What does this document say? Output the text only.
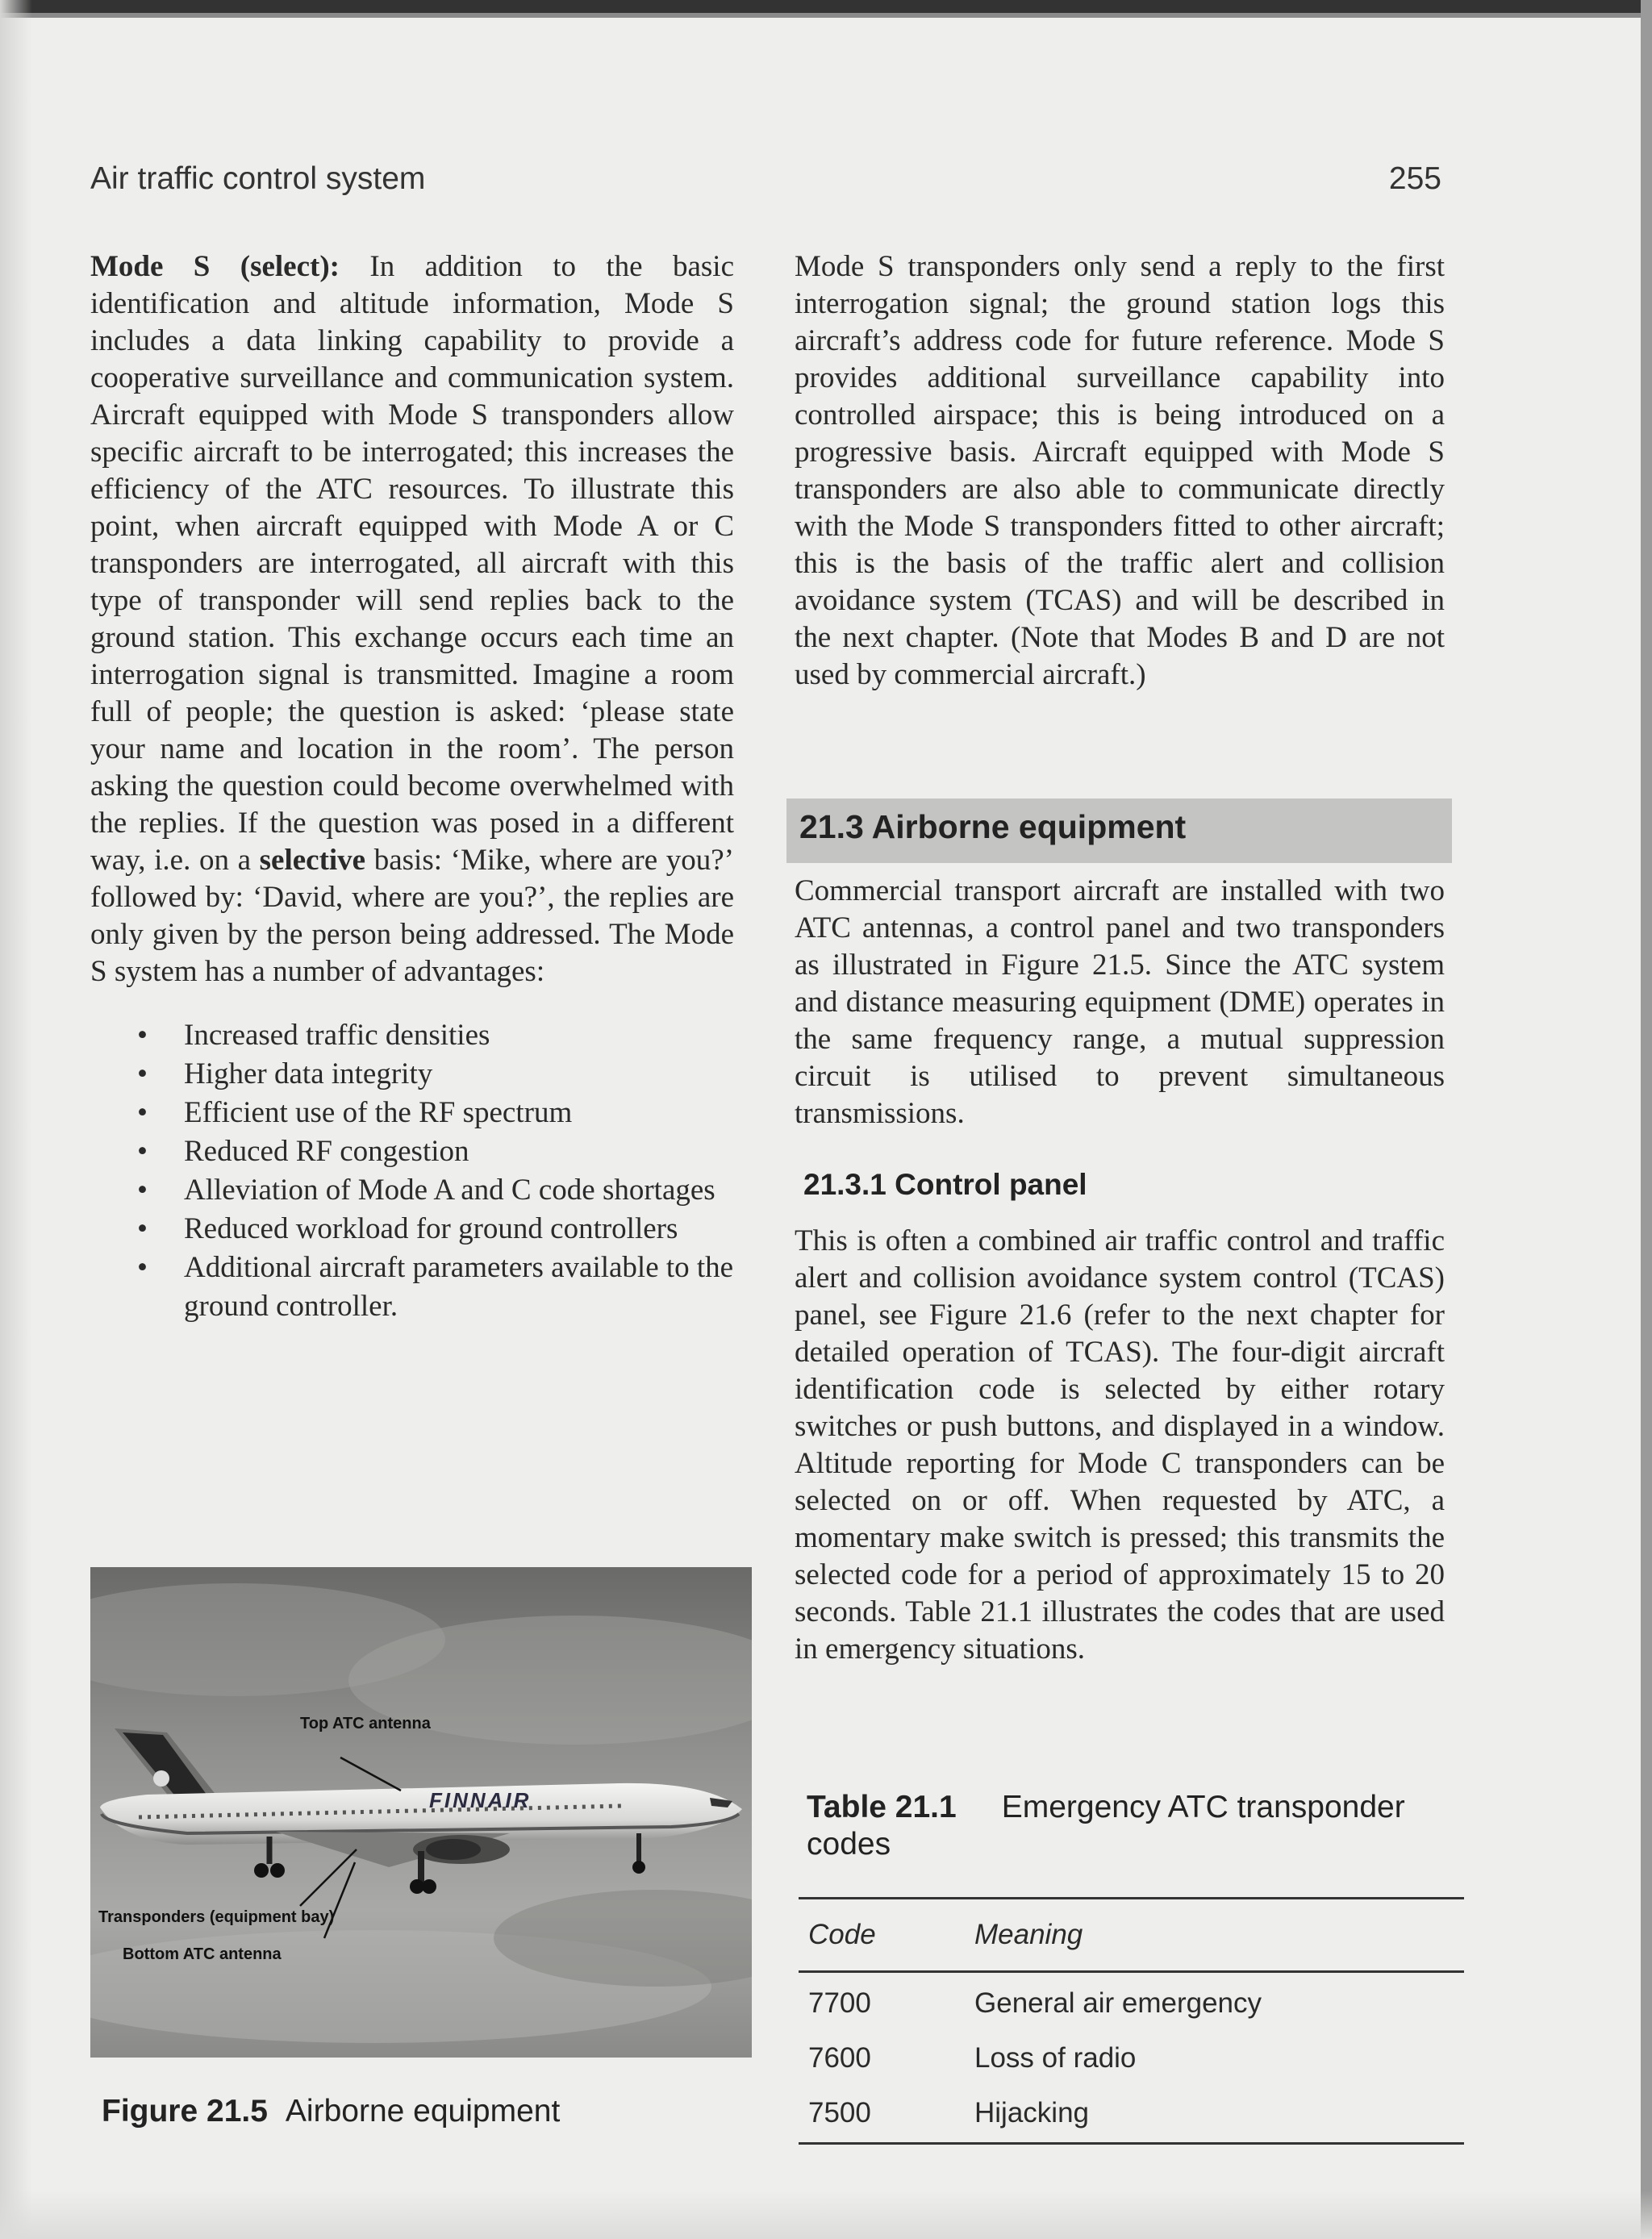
Air traffic control system	255

Mode S (select): In addition to the basic identification and altitude information, Mode S includes a data linking capability to provide a cooperative surveillance and communication system. Aircraft equipped with Mode S transponders allow specific aircraft to be interrogated; this increases the efficiency of the ATC resources. To illustrate this point, when aircraft equipped with Mode A or C transponders are interrogated, all aircraft with this type of transponder will send replies back to the ground station. This exchange occurs each time an interrogation signal is transmitted. Imagine a room full of people; the question is asked: ‘please state your name and location in the room’. The person asking the question could become overwhelmed with the replies. If the question was posed in a different way, i.e. on a selective basis: ‘Mike, where are you?’ followed by: ‘David, where are you?’, the replies are only given by the person being addressed. The Mode S system has a number of advantages:

• Increased traffic densities
• Higher data integrity
• Efficient use of the RF spectrum
• Reduced RF congestion
• Alleviation of Mode A and C code shortages
• Reduced workload for ground controllers
• Additional aircraft parameters available to the ground controller.

Mode S transponders only send a reply to the first interrogation signal; the ground station logs this aircraft’s address code for future reference. Mode S provides additional surveillance capability into controlled airspace; this is being introduced on a progressive basis. Aircraft equipped with Mode S transponders are also able to communicate directly with the Mode S transponders fitted to other aircraft; this is the basis of the traffic alert and collision avoidance system (TCAS) and will be described in the next chapter. (Note that Modes B and D are not used by commercial aircraft.)

21.3 Airborne equipment

Commercial transport aircraft are installed with two ATC antennas, a control panel and two transponders as illustrated in Figure 21.5. Since the ATC system and distance measuring equipment (DME) operates in the same frequency range, a mutual suppression circuit is utilised to prevent simultaneous transmissions.

21.3.1 Control panel

This is often a combined air traffic control and traffic alert and collision avoidance system control (TCAS) panel, see Figure 21.6 (refer to the next chapter for detailed operation of TCAS). The four-digit aircraft identification code is selected by either rotary switches or push buttons, and displayed in a window. Altitude reporting for Mode C transponders can be selected on or off. When requested by ATC, a momentary make switch is pressed; this transmits the selected code for a period of approximately 15 to 20 seconds. Table 21.1 illustrates the codes that are used in emergency situations.

FINNAIR
Top ATC antenna
Transponders (equipment bay)
Bottom ATC antenna
Figure 21.5 Airborne equipment
Table 21.1 Emergency ATC transponder codes
Code	Meaning
7700	General air emergency
7600	Loss of radio
7500	Hijacking
